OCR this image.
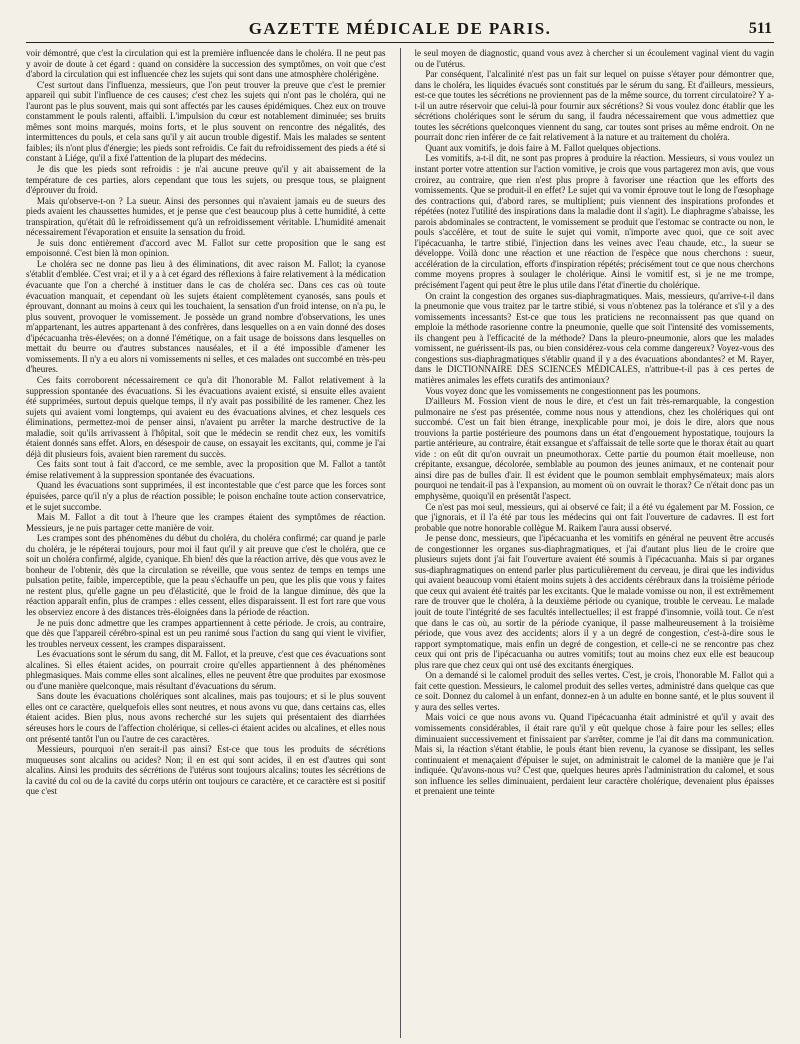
GAZETTE MÉDICALE DE PARIS.	511

voir démontré, que c'est la circulation qui est la première influencée dans le choléra. Il ne peut pas y avoir de doute à cet égard : quand on considère la succession des symptômes, on voit que c'est d'abord la circulation qui est influencée chez les sujets qui sont dans une atmosphère cholérigène.

C'est surtout dans l'influenza, messieurs, que l'on peut trouver la preuve que c'est le premier appareil qui subit l'influence de ces causes; c'est chez les sujets qui n'ont pas le choléra, qui ne l'auront pas le plus souvent, mais qui sont affectés par les causes épidémiques. Chez eux on trouve constamment le pouls ralenti, affaibli. L'impulsion du cœur est notablement diminuée; ses bruits mêmes sont moins marqués, moins forts, et le plus souvent on rencontre des négalités, des intermittences du pouls, et cela sans qu'il y ait aucun trouble digestif. Mais les malades se sentent faibles; ils n'ont plus d'énergie; les pieds sont refroidis. Ce fait du refroidissement des pieds a été si constant à Liége, qu'il a fixé l'attention de la plupart des médecins.

Je dis que les pieds sont refroidis : je n'ai aucune preuve qu'il y ait abaissement de la température de ces parties, alors cependant que tous les sujets, ou presque tous, se plaignent d'éprouver du froid.

Mais qu'observe-t-on ? La sueur. Ainsi des personnes qui n'avaient jamais eu de sueurs des pieds avaient les chaussettes humides, et je pense que c'est beaucoup plus à cette humidité, à cette transpiration, qu'était dû le refroidissement qu'à un refroidissement véritable. L'humidité amenait nécessairement l'évaporation et ensuite la sensation du froid.

Je suis donc entièrement d'accord avec M. Fallot sur cette proposition que le sang est empoisonné. C'est bien là mon opinion.

Le choléra sec ne donne pas lieu à des éliminations, dit avec raison M. Fallot; la cyanose s'établit d'emblée. C'est vrai; et il y a à cet égard des réflexions à faire relativement à la médication évacuante que l'on a cherché à instituer dans le cas de choléra sec. Dans ces cas où toute évacuation manquait, et cependant où les sujets étaient complètement cyanosés, sans pouls et éprouvant, donnant au moins à ceux qui les touchaient, la sensation d'un froid intense, on n'a pu, le plus souvent, provoquer le vomissement. Je possède un grand nombre d'observations, les unes m'appartenant, les autres appartenant à des confrères, dans lesquelles on a en vain donné des doses d'ipécacuanha très-élevées; on a donné l'émétique, on a fait usage de boissons dans lesquelles on mettait du beurre ou d'autres substances nauséales, et il a été impossible d'amener les vomissements. Il n'y a eu alors ni vomissements ni selles, et ces malades ont succombé en très-peu d'heures.

Ces faits corroborent nécessairement ce qu'a dit l'honorable M. Fallot relativement à la suppression spontanée des évacuations. Si les évacuations avaient existé, si ensuite elles avaient été supprimées, surtout depuis quelque temps, il n'y avait pas possibilité de les ramener. Chez les sujets qui avaient vomi longtemps, qui avaient eu des évacuations alvines, et chez lesquels ces éliminations, permettez-moi de penser ainsi, n'avaient pu arrêter la marche destructive de la maladie, soit qu'ils arrivassent à l'hôpital, soit que le médecin se rendit chez eux, les vomitifs étaient donnés sans effet. Alors, en désespoir de cause, on essayait les excitants, qui, comme je l'ai déjà dit plusieurs fois, avaient bien rarement du succès.

Ces faits sont tout à fait d'accord, ce me semble, avec la proposition que M. Fallot a tantôt émise relativement à la suppression spontanée des évacuations.

Quand les évacuations sont supprimées, il est incontestable que c'est parce que les forces sont épuisées, parce qu'il n'y a plus de réaction possible; le poison enchaîne toute action conservatrice, et le sujet succombe.

Mais M. Fallot a dit tout à l'heure que les crampes étaient des symptômes de réaction. Messieurs, je ne puis partager cette manière de voir.

Les crampes sont des phénomènes du début du choléra, du choléra confirmé; car quand je parle du choléra, je le répéterai toujours, pour moi il faut qu'il y ait preuve que c'est le choléra, que ce soit un choléra confirmé, algide, cyanique. Eh bien! dès que la réaction arrive, dès que vous avez le bonheur de l'obtenir, dès que la circulation se réveille, que vous sentez de temps en temps une pulsation petite, faible, imperceptible, que la peau s'échauffe un peu, que les plis que vous y faites ne restent plus, qu'elle gagne un peu d'élasticité, que le froid de la langue diminue, dès que la réaction apparaît enfin, plus de crampes : elles cessent, elles disparaissent. Il est fort rare que vous les observiez encore à des distances très-éloignées dans la période de réaction.

Je ne puis donc admettre que les crampes appartiennent à cette période. Je crois, au contraire, que dès que l'appareil cérébro-spinal est un peu ranimé sous l'action du sang qui vient le vivifier, les troubles nerveux cessent, les crampes disparaissent.

Les évacuations sont le sérum du sang, dit M. Fallot, et la preuve, c'est que ces évacuations sont alcalines. Si elles étaient acides, on pourrait croire qu'elles appartiennent à des phénomènes phlegmasiques. Mais comme elles sont alcalines, elles ne peuvent être que produites par exosmose ou d'une manière quelconque, mais résultant d'évacuations du sérum.

Sans doute les évacuations cholériques sont alcalines, mais pas toujours; et si le plus souvent elles ont ce caractère, quelquefois elles sont neutres, et nous avons vu que, dans certains cas, elles étaient acides. Bien plus, nous avons recherché sur les sujets qui présentaient des diarrhées séreuses hors le cours de l'affection cholérique, si celles-ci étaient acides ou alcalines, et elles nous ont présenté tantôt l'un ou l'autre de ces caractères.

Messieurs, pourquoi n'en serait-il pas ainsi? Est-ce que tous les produits de sécrétions muqueuses sont alcalins ou acides? Non; il en est qui sont acides, il en est d'autres qui sont alcalins. Ainsi les produits des sécrétions de l'utérus sont toujours alcalins; toutes les sécrétions de la cavité du col ou de la cavité du corps utérin ont toujours ce caractère, et ce caractère est si positif que c'est

le seul moyen de diagnostic, quand vous avez à chercher si un écoulement vaginal vient du vagin ou de l'utérus.

Par conséquent, l'alcalinité n'est pas un fait sur lequel on puisse s'étayer pour démontrer que, dans le choléra, les liquides évacués sont constitués par le sérum du sang. Et d'ailleurs, messieurs, est-ce que toutes les sécrétions ne proviennent pas de la même source, du torrent circulatoire? Y a-t-il un autre réservoir que celui-là pour fournir aux sécrétions? Si vous voulez donc établir que les sécrétions cholériques sont le sérum du sang, il faudra nécessairement que vous admettiez que toutes les sécrétions quelconques viennent du sang, car toutes sont prises au même endroit. On ne pourrait donc rien inférer de ce fait relativement à la nature et au traitement du choléra.

Quant aux vomitifs, je dois faire à M. Fallot quelques objections.

Les vomitifs, a-t-il dit, ne sont pas propres à produire la réaction. Messieurs, si vous voulez un instant porter votre attention sur l'action vomitive, je crois que vous partagerez mon avis, que vous croirez, au contraire, que rien n'est plus propre à favoriser une réaction que les efforts des vomissements. Que se produit-il en effet? Le sujet qui va vomir éprouve tout le long de l'œsophage des contractions qui, d'abord rares, se multiplient; puis viennent des inspirations profondes et répétées (notez l'utilité des inspirations dans la maladie dont il s'agit). Le diaphragme s'abaisse, les parois abdominales se contractent, le vomissement se produit que l'estomac se contracte ou non, le pouls s'accélère, et tout de suite le sujet qui vomit, n'importe avec quoi, que ce soit avec l'ipécacuanha, le tartre stibié, l'injection dans les veines avec l'eau chaude, etc., la sueur se développe. Voilà donc une réaction et une réaction de l'espèce que nous cherchons : sueur, accélération de la circulation, efforts d'inspiration répétés; précisément tout ce que nous cherchons comme moyens propres à soulager le cholérique. Ainsi le vomitif est, si je ne me trompe, précisément l'agent qui peut être le plus utile dans l'état d'inertie du cholérique.

On craint la congestion des organes sus-diaphragmatiques. Mais, messieurs, qu'arrive-t-il dans la pneumonie que vous traitez par le tartre stibié, si vous n'obtenez pas la tolérance et s'il y a des vomissements incessants? Est-ce que tous les praticiens ne reconnaissent pas que quand on emploie la méthode rasorienne contre la pneumonie, quelle que soit l'intensité des vomissements, ils changent peu à l'efficacité de la méthode? Dans la pleuro-pneumonie, alors que les malades vomissent, ne guérissent-ils pas, ou bien considérez-vous cela comme dangereux? Voyez-vous des congestions sus-diaphragmatiques s'établir quand il y a des évacuations abondantes? et M. Rayer, dans le DICTIONNAIRE DES SCIENCES MÉDICALES, n'attribue-t-il pas à ces pertes de matières animales les effets curatifs des antimoniaux?

Vous voyez donc que les vomissements ne congestionnent pas les poumons.

D'ailleurs M. Fossion vient de nous le dire, et c'est un fait très-remarquable, la congestion pulmonaire ne s'est pas présentée, comme nous nous y attendions, chez les cholériques qui ont succombé. C'est un fait bien étrange, inexplicable pour moi, je dois le dire, alors que nous trouvions la partie postérieure des poumons dans un état d'engouement hypostatique, toujours la partie antérieure, au contraire, était exsangue et s'affaissait de telle sorte que le thorax était au quart vide : on eût dit qu'on ouvrait un pneumothorax. Cette partie du poumon était moelleuse, non crépitante, exsangue, décolorée, semblable au poumon des jeunes animaux, et ne contenait pour ainsi dire pas de bulles d'air. Il est évident que le poumon semblait emphysémateux; mais alors pourquoi ne tendait-il pas à l'expansion, au moment où on ouvrait le thorax? Ce n'était donc pas un emphysème, quoiqu'il en présentât l'aspect.

Ce n'est pas moi seul, messieurs, qui ai observé ce fait; il a été vu également par M. Fossion, ce que j'ignorais, et il l'a été par tous les médecins qui ont fait l'ouverture de cadavres. Il est fort probable que notre honorable collègue M. Raikem l'aura aussi observé.

Je pense donc, messieurs, que l'ipécacuanha et les vomitifs en général ne peuvent être accusés de congestionner les organes sus-diaphragmatiques, et j'ai d'autant plus lieu de le croire que plusieurs sujets dont j'ai fait l'ouverture avaient été soumis à l'ipécacuanha. Mais si par organes sus-diaphragmatiques on entend parler plus particulièrement du cerveau, je dirai que les individus qui avaient beaucoup vomi étaient moins sujets à des accidents cérébraux dans la troisième période que ceux qui avaient été traités par les excitants. Que le malade vomisse ou non, il est extrêmement rare de trouver que le choléra, à la deuxième période ou cyanique, trouble le cerveau. Le malade jouit de toute l'intégrité de ses facultés intellectuelles; il est frappé d'insomnie, voilà tout. Ce n'est que dans le cas où, au sortir de la période cyanique, il passe malheureusement à la troisième période, que vous avez des accidents; alors il y a un degré de congestion, c'est-à-dire sous le rapport symptomatique, mais enfin un degré de congestion, et celle-ci ne se rencontre pas chez ceux qui ont pris de l'ipécacuanha ou autres vomitifs; tout au moins chez eux elle est beaucoup plus rare que chez ceux qui ont usé des excitants énergiques.

On a demandé si le calomel produit des selles vertes. C'est, je crois, l'honorable M. Fallot qui a fait cette question. Messieurs, le calomel produit des selles vertes, administré dans quelque cas que ce soit. Donnez du calomel à un enfant, donnez-en à un adulte en bonne santé, et le plus souvent il y aura des selles vertes.

Mais voici ce que nous avons vu. Quand l'ipécacuanha était administré et qu'il y avait des vomissements considérables, il était rare qu'il y eût quelque chose à faire pour les selles; elles diminuaient successivement et finissaient par s'arrêter, comme je l'ai dit dans ma communication. Mais si, la réaction s'étant établie, le pouls étant bien revenu, la cyanose se dissipant, les selles continuaient et menaçaient d'épuiser le sujet, on administrait le calomel de la manière que je l'ai indiquée. Qu'avons-nous vu? C'est que, quelques heures après l'administration du calomel, et sous son influence les selles diminuaient, perdaient leur caractère cholérique, devenaient plus épaisses et prenaient une teinte
